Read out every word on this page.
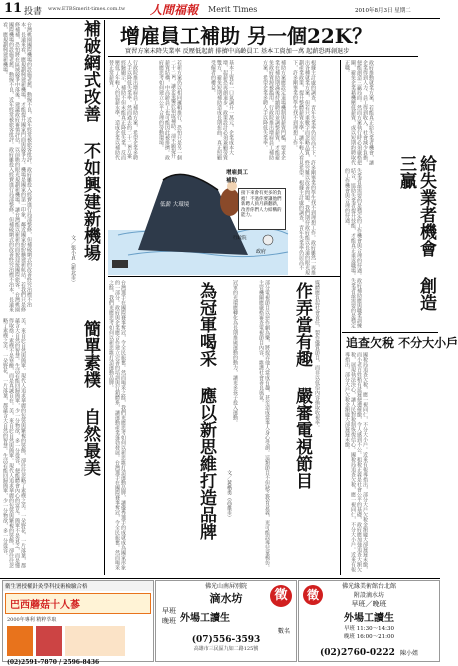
11 投書 www.ETBSmerit-times.com.tw 人間福報 Merit Times	2010年8月3日 星期二
台灣桃園國際機場的設施老舊、動線不良，近年經常被旅客批評。政府雖投入經費進行局部整修，但補破網式的改善終究治標不治本，長遠來看，應規劃興建新機場，才能提升國家門面與競爭力。機場是國家的第一印象，鄰近國家紛紛擴建新航站，若我們只是修修補補，恐怕將在區域競爭中落後。建議政府審慎評估，以前瞻的眼光規劃新機場，讓台灣能以嶄新的面貌迎接國際旅客。台灣桃園國際機場的設施老舊、動線不良，近年經常被旅客批評。政府雖投入經費進行局部整修，但補破網式的改善終究治標不治本，長遠來看，應規劃興建新機場。	補破網式改善 不如興建新機場
文／張小貞（新北市）
美，來自於自然與簡單。現代人追求華麗的包裝與繁複的裝飾，卻往往忽略了素樸之美。一朵野花、一片落葉，都蘊含大自然的智慧。生活若能回歸簡單，少一分物欲，多一分從容，便能體會內心的富足。簡單不是貧乏，而是懂得取捨；素樸不是寒酸，而是真誠自在。美，來自於自然與簡單。現代人追求華麗的包裝與繁複的裝飾，卻往往忽略了素樸之美。一朵野花、一片落葉，都蘊含大自然的智慧。生活若能回歸簡單，少一分物欲，多一分從容。	簡單素樸 自然最美
增雇員工補助 另一個22K？
實習方案未降失業率 反壓低起薪 排擠中高齡員工 基本工資加一萬 起薪恐再創退步
行政院推出增雇員工補助方案，希望企業多聘人手以降低失業率。然而過去的二十二K方案經驗顯示，補助不但未能真正降低失業，反而壓低了年輕人的起薪水準，造成企業以補助代替正常薪資。	若新方案仍以相同邏輯推行，恐怕只是另一個二十二K，讓企業樂於領取補助，卻不願提升薪資結構，中高齡員工也可能因此被排擠。政府應思考如何建立公平合理的勞動環境。	基本工資若一口氣調升一萬元，企業成本大增，起薪恐再創退步。政策設計必須兼顧勞資雙方，避免短期補助造成長期扭曲，真正照顧受僱者的權益。	補助方案應設定退場機制與薪資門檻，要求企業在補助期滿後持續聘用並調整薪資，才能避免政府資源被濫用。行政院推出增雇員工補助方案，希望企業多聘人手以降低失業率。
低薪 大環境
增雇員工補助
接下來會有更多的負擔！不過你要讓他們新聘人員月薪翻新，改善你們人力結構的能力。
政府
行政院	根據主計處的調查，青年失業率仍居高不下，許多剛畢業的學生找不到理想工作。政府雖然一再推出各種就業方案，但若只重數字而忽略品質，終究難以改善問題。我們期待政府能以長遠的眼光規劃產業政策，提升整體薪資水準，讓年輕人看見希望。根據主計處的調查，青年失業率仍居高不下，許多剛畢業的學生找不到理想工作。	政府推動就業方案，若能真正給失業者機會，讓企業得到人力、員工得到收入、社會減少負擔，便能創造三贏局面。然而方案執行時必須嚴格把關，避免企業藉機壓低薪資，或以短期約聘取代正職。
給失業者機會 創造三贏
失業者最需要的是穩定的工作機會與合理的待遇。政府補助應與職業訓練結合，協助失業者提升技能，才能真正重返職場。失業者最需要的是穩定的工作機會與合理的待遇。
追查欠稅 不分大小戶
國稅局追查欠稅，應一視同仁，不分大小戶。近來有報導指出，部分大戶欠稅金額龐大卻遲遲未繳，而小老百姓稍有延遲便遭催繳，令人感到不公。租稅正義是社會公平的基礎，政府應加強追查大額欠稅，展現執法決心，讓人民對稅制恢復信心。國稅局追查欠稅，應一視同仁，不分大小戶。近來有報導指出，部分大戶欠稅金額龐大卻遲遲未繳。
台灣選手在國際賽事奪冠，令全民振奮。然而喝采之餘，我們更應思考如何以新思維打造運動品牌，讓優秀選手的成就成為國家形象的一部分。政府與企業應合作建立完善的培訓與行銷體系，讓運動產業蓬勃發展。台灣選手在國際賽事奪冠，令全民振奮。然而喝采之餘，我們更應思考如何以新思維打造運動品牌。	為冠軍喝采 應以新思維打造品牌 文／黃楷勇（高雄市）
冠軍的光環應轉化為長期推廣運動的動力，讓更多孩子投入運動。	作弄當有趣 嚴審電視節目
部分電視節目以惡作劇為樂，將捉弄他人當成有趣，甚至造成當事人身心受創。這類節目不但缺乏教育意義，更可能誤導兒童模仿。主管機關應嚴格審查電視節目內容，維護社會善良風氣。	媒體應負起社會責任，製作優質節目，而非以低俗內容換取收視率。
衛生署授權針灸學科技術檢驗合格
巴西蘑菇十人蔘
2000年專利 精粹萃取
(02)2591-7870 / 2596-8436
佛光山南屏別院
滴水坊	徵
早班 晚班 外場工讀生
數名
(07)556-3593
高雄市三民區九如二路125號
佛光緣美術館台北館
附設滴水坊
徵
早班／晚班
外場工讀生
早班 11:30～14:30
晚班 16:00～21:00
(02)2760-0222 陳小姐
